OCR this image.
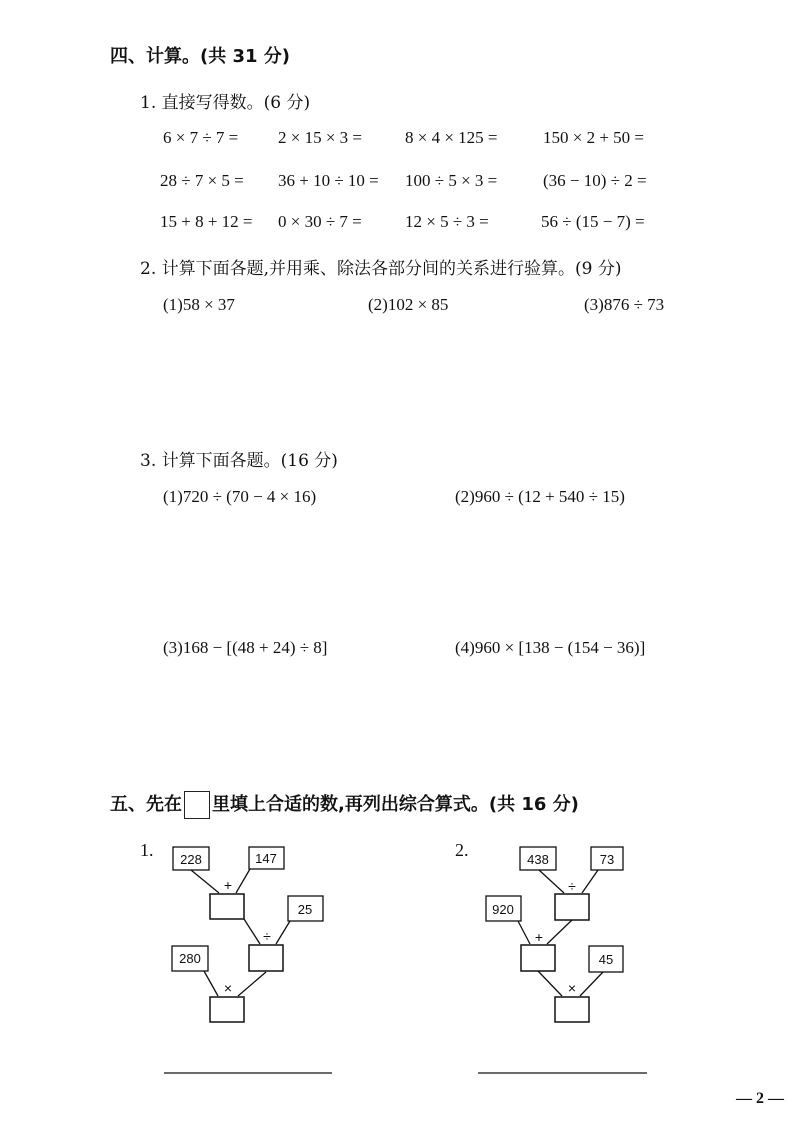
四、计算。(共 31 分)
1. 直接写得数。(6 分)
6 × 7 ÷ 7 = 2 × 15 × 3 =	8 × 4 × 125 =	150 × 2 + 50 =
28 ÷ 7 × 5 = 36 + 10 ÷ 10 = 100 ÷ 5 × 3 =	(36 − 10) ÷ 2 =
15 + 8 + 12 = 0 × 30 ÷ 7 =	12 × 5 ÷ 3 =	56 ÷ (15 − 7) =
2. 计算下面各题,并用乘、除法各部分间的关系进行验算。(9 分)
(1)58 × 37	(2)102 × 85	(3)876 ÷ 73
3. 计算下面各题。(16 分)
(1)720 ÷ (70 − 4 × 16)	(2)960 ÷ (12 + 540 ÷ 15)
(3)168 − [(48 + 24) ÷ 8]	(4)960 × [138 − (154 − 36)]
五、先在 里填上合适的数,再列出综合算式。(共 16 分)
1.	2.
228	147
25
280
+
÷
×
438	73
920
45
÷
+
×
— 2 —
